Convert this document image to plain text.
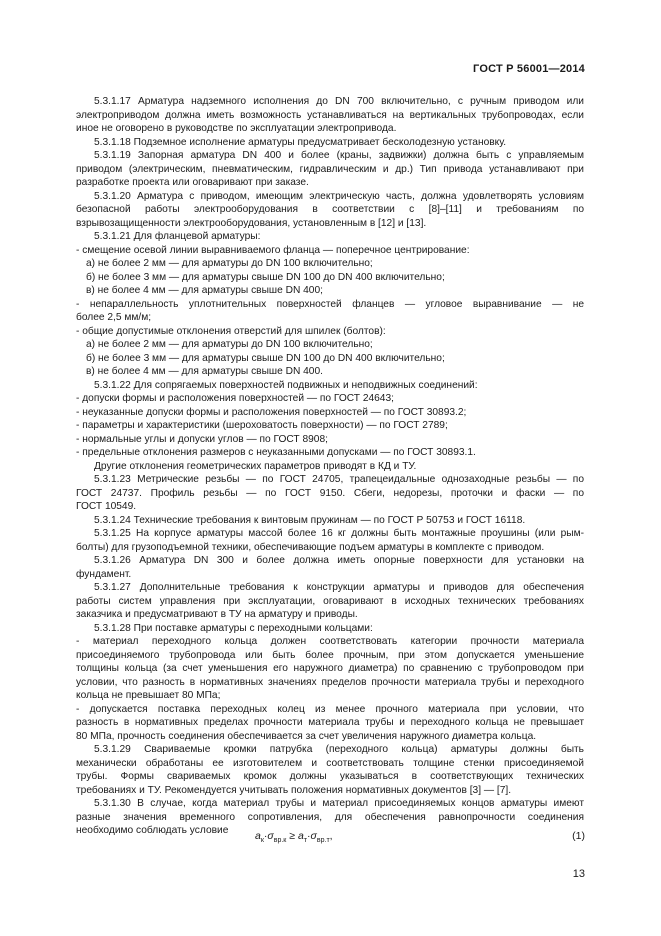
ГОСТ Р 56001—2014

5.3.1.17 Арматура надземного исполнения до DN 700 включительно, с ручным приводом или

электроприводом должна иметь возможность устанавливаться на вертикальных трубопроводах, если

иное не оговорено в руководстве по эксплуатации электропривода.

5.3.1.18 Подземное исполнение арматуры предусматривает бесколодезную установку.

5.3.1.19 Запорная арматура DN 400 и более (краны, задвижки) должна быть с управляемым

приводом (электрическим, пневматическим, гидравлическим и др.) Тип привода устанавливают при

разработке проекта или оговаривают при заказе.

5.3.1.20 Арматура с приводом, имеющим электрическую часть, должна удовлетворять условиям

безопасной работы электрооборудования в соответствии с [8]–[11] и требованиям по

взрывозащищенности электрооборудования, установленным в [12] и [13].

5.3.1.21 Для фланцевой арматуры:

- смещение осевой линии выравниваемого фланца — поперечное центрирование:

а) не более 2 мм — для арматуры до DN 100 включительно;

б) не более 3 мм — для арматуры свыше DN 100 до DN 400 включительно;

в) не более 4 мм — для арматуры свыше DN 400;

- непараллельность уплотнительных поверхностей фланцев — угловое выравнивание — не

более 2,5 мм/м;

- общие допустимые отклонения отверстий для шпилек (болтов):

а) не более 2 мм — для арматуры до DN 100 включительно;

б) не более 3 мм — для арматуры свыше DN 100 до DN 400 включительно;

в) не более 4 мм — для арматуры свыше DN 400.

5.3.1.22 Для сопрягаемых поверхностей подвижных и неподвижных соединений:

- допуски формы и расположения поверхностей — по ГОСТ 24643;

- неуказанные допуски формы и расположения поверхностей — по ГОСТ 30893.2;

- параметры и характеристики (шероховатость поверхности) — по ГОСТ 2789;

- нормальные углы и допуски углов — по ГОСТ 8908;

- предельные отклонения размеров с неуказанными допусками — по ГОСТ 30893.1.

Другие отклонения геометрических параметров приводят в КД и ТУ.

5.3.1.23 Метрические резьбы — по ГОСТ 24705, трапецеидальные однозаходные резьбы — по

ГОСТ 24737. Профиль резьбы — по ГОСТ 9150. Сбеги, недорезы, проточки и фаски — по

ГОСТ 10549.

5.3.1.24 Технические требования к винтовым пружинам — по ГОСТ Р 50753 и ГОСТ 16118.

5.3.1.25 На корпусе арматуры массой более 16 кг должны быть монтажные проушины (или рым-

болты) для грузоподъемной техники, обеспечивающие подъем арматуры в комплекте с приводом.

5.3.1.26 Арматура DN 300 и более должна иметь опорные поверхности для установки на

фундамент.

5.3.1.27 Дополнительные требования к конструкции арматуры и приводов для обеспечения

работы систем управления при эксплуатации, оговаривают в исходных технических требованиях

заказчика и предусматривают в ТУ на арматуру и приводы.

5.3.1.28 При поставке арматуры с переходными кольцами:

- материал переходного кольца должен соответствовать категории прочности материала

присоединяемого трубопровода или быть более прочным, при этом допускается уменьшение

толщины кольца (за счет уменьшения его наружного диаметра) по сравнению с трубопроводом при

условии, что разность в нормативных значениях пределов прочности материала трубы и переходного

кольца не превышает 80 МПа;

- допускается поставка переходных колец из менее прочного материала при условии, что

разность в нормативных пределах прочности материала трубы и переходного кольца не превышает

80 МПа, прочность соединения обеспечивается за счет увеличения наружного диаметра кольца.

5.3.1.29 Свариваемые кромки патрубка (переходного кольца) арматуры должны быть

механически обработаны ее изготовителем и соответствовать толщине стенки присоединяемой

трубы. Формы свариваемых кромок должны указываться в соответствующих технических

требованиях и ТУ. Рекомендуется учитывать положения нормативных документов [3] — [7].

5.3.1.30 В случае, когда материал трубы и материал присоединяемых концов арматуры имеют

разные значения временного сопротивления, для обеспечения равнопрочности соединения

необходимо соблюдать условие	$a_к\cdot\sigma_{вр.к} \ge a_т\cdot\sigma_{вр.т}$,	(1)
13
